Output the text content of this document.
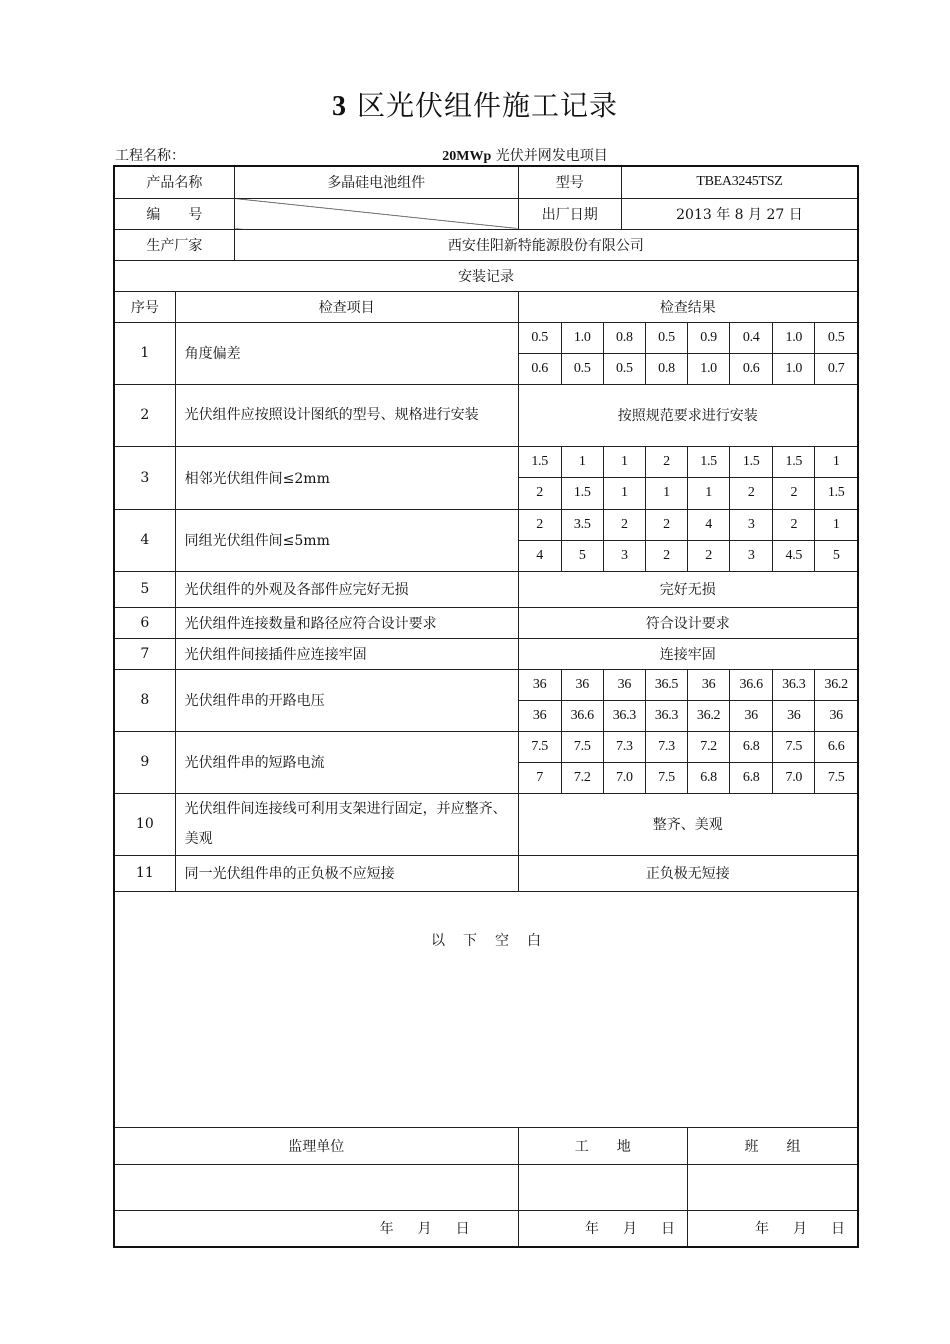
3 区光伏组件施工记录
工程名称：	20MWp 光伏并网发电项目
产品名称		多晶硅电池组件	型号			TBEA3245TSZ					
编　　号			出厂日期			2013 年 8 月 27 日					
生产厂家		西安佳阳新特能源股份有限公司									
安装记录											
序号	检查项目		检查结果								
1	角度偏差		0.5	1.0	0.8		0.5	0.9	0.4	1.0	0.5
			0.6	0.5	0.5		0.8	1.0	0.6	1.0	0.7
2	光伏组件应按照设计图纸的型号、规格进行安装		按照规范要求进行安装								
3	相邻光伏组件间≤2mm		1.5	1	1		2	1.5	1.5	1.5	1
			2	1.5	1		1	1	2	2	1.5
4	同组光伏组件间≤5mm		2	3.5	2		2	4	3	2	1
			4	5	3		2	2	3	4.5	5
5	光伏组件的外观及各部件应完好无损		完好无损								
6	光伏组件连接数量和路径应符合设计要求		符合设计要求								
7	光伏组件间接插件应连接牢固		连接牢固								
8	光伏组件串的开路电压		36	36	36		36.5	36	36.6	36.3	36.2
			36	36.6	36.3		36.3	36.2	36	36	36
9	光伏组件串的短路电流		7.5	7.5	7.3		7.3	7.2	6.8	7.5	6.6
			7	7.2	7.0		7.5	6.8	6.8	7.0	7.5
10	光伏组件间连接线可利用支架进行固定，并应整齐、美观		整齐、美观								
11	同一光伏组件串的正负极不应短接		正负极无短接								

以下空白											

监理单位			工　　地					班　　组			

年 月 日			年 月 日					年 月 日			
